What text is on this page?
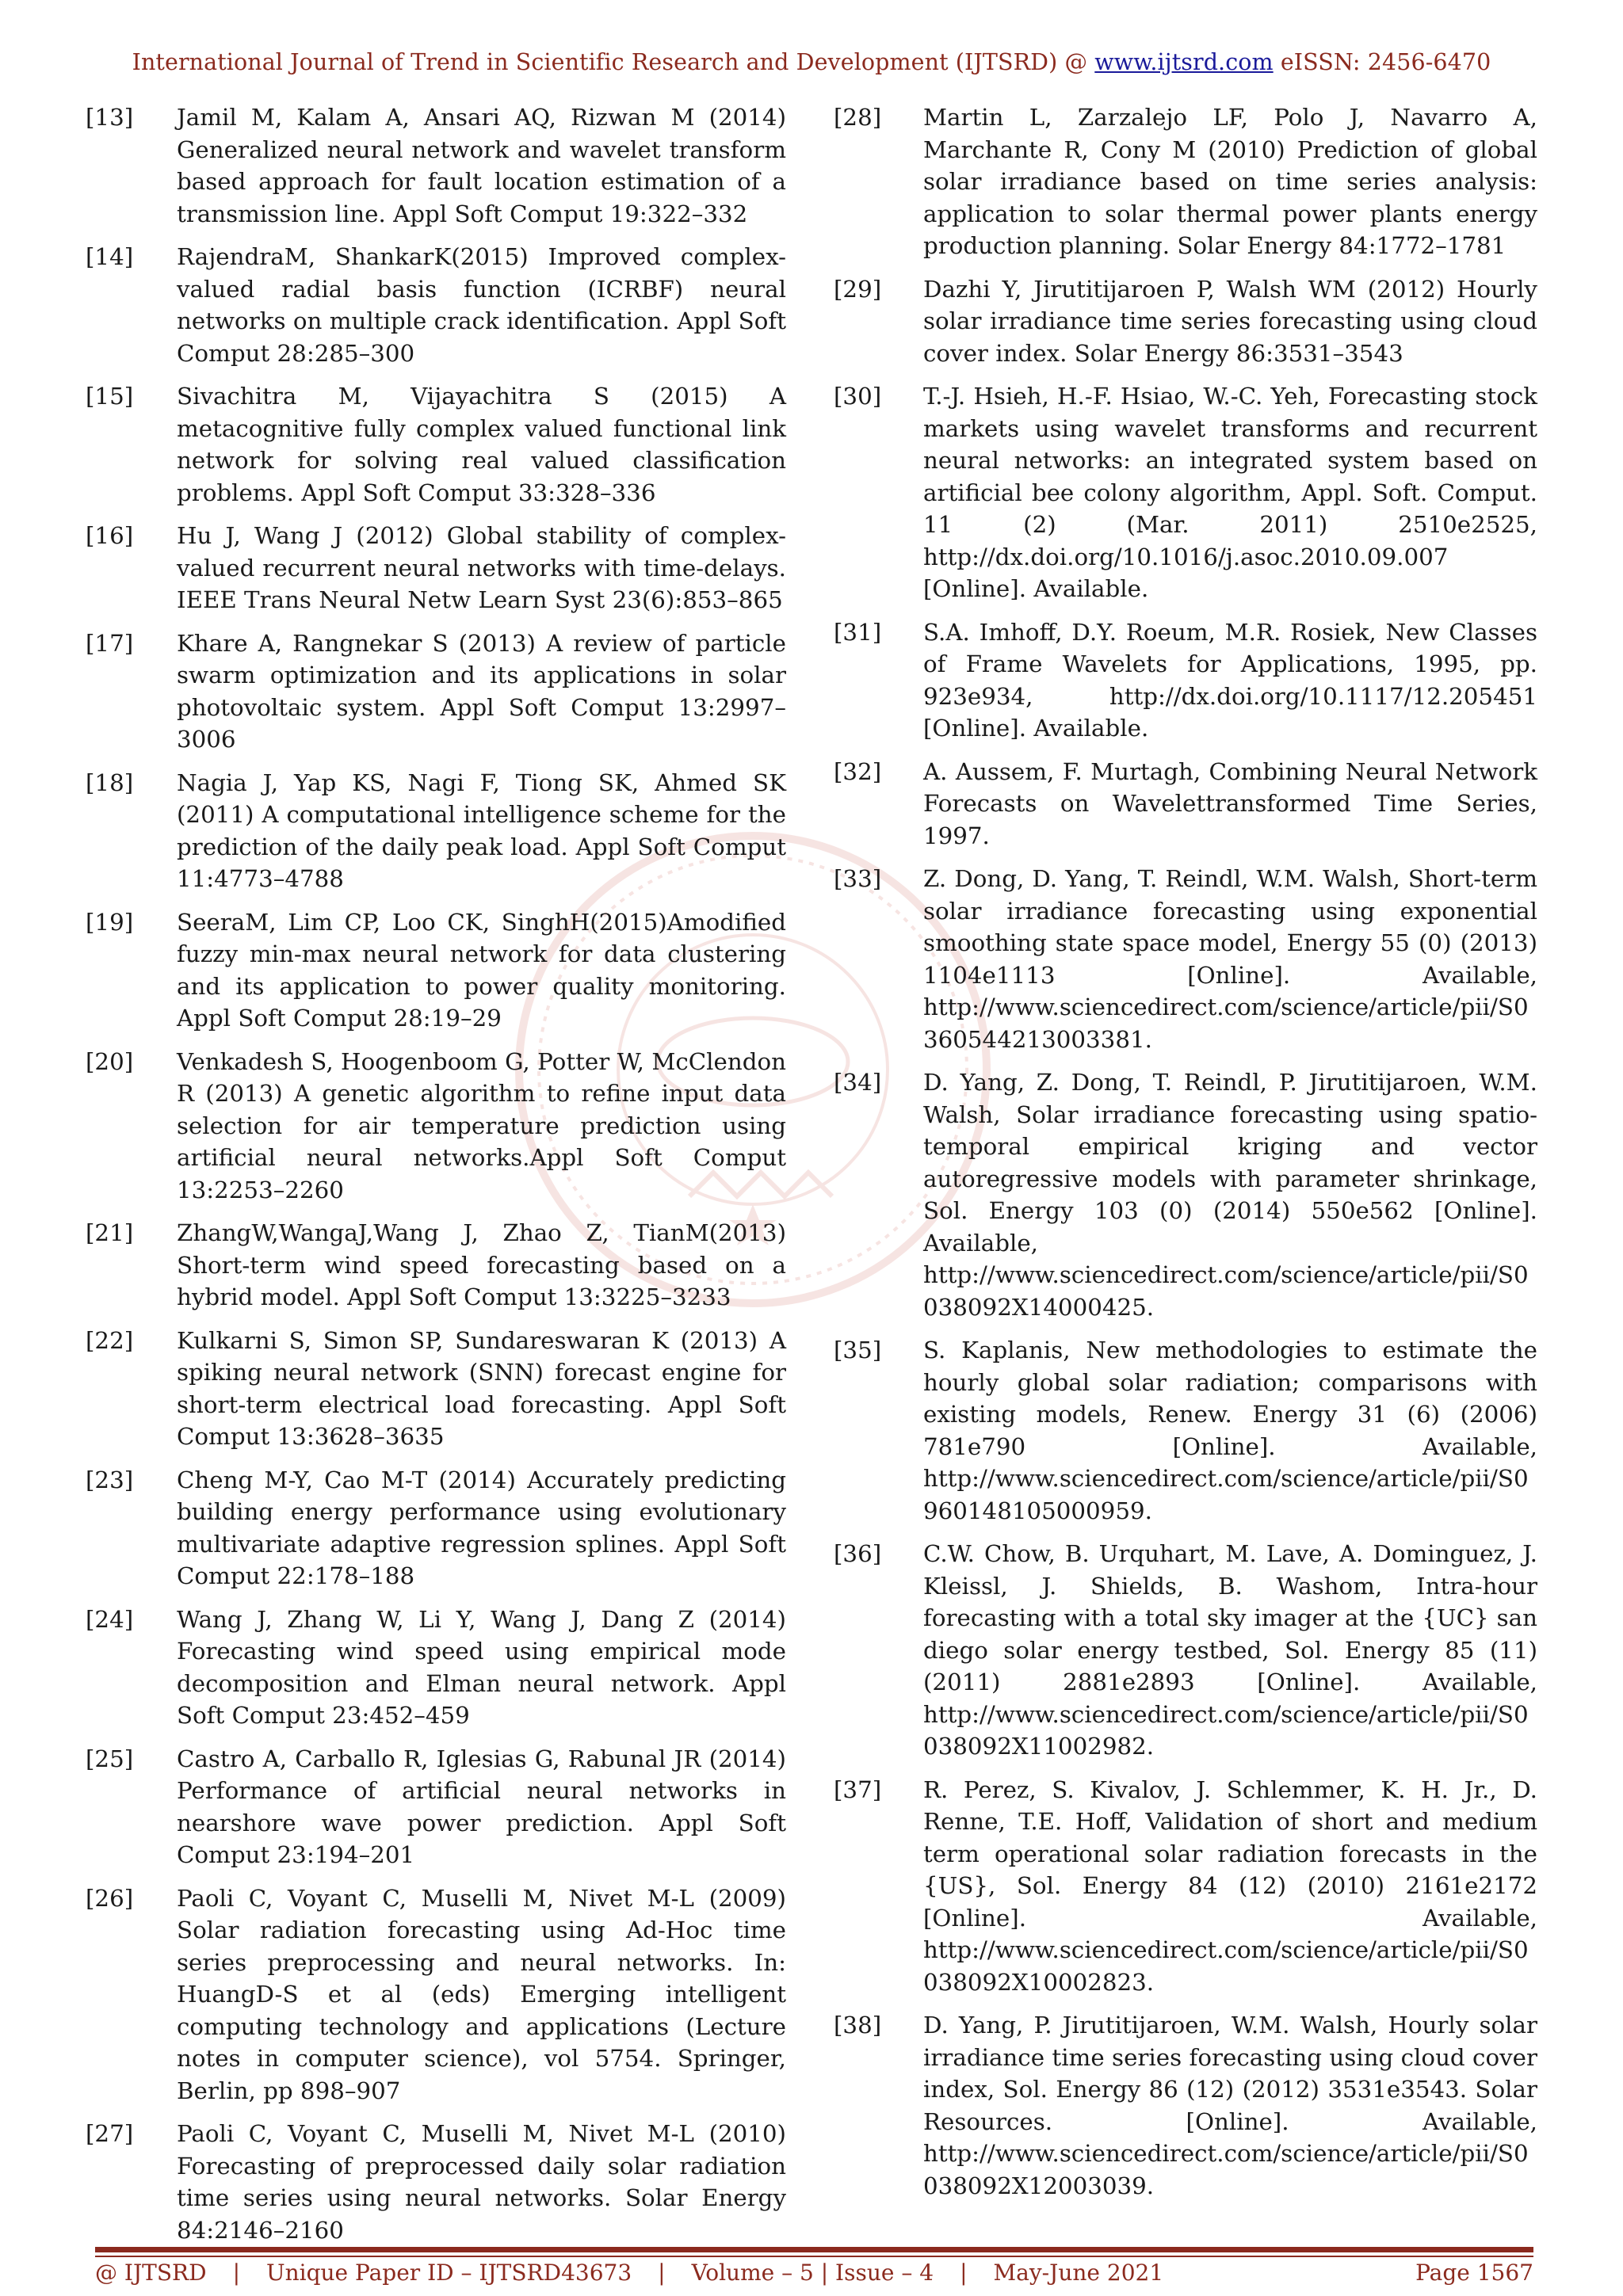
International Journal of Trend in Scientific Research and Development (IJTSRD) @ www.ijtsrd.com eISSN: 2456-6470
[13]	Jamil M, Kalam A, Ansari AQ, Rizwan M (2014) Generalized neural network and wavelet transform based approach for fault location estimation of a transmission line. Appl Soft Comput 19:322–332
[14]	RajendraM, ShankarK(2015) Improved complex-valued radial basis function (ICRBF) neural networks on multiple crack identification. Appl Soft Comput 28:285–300
[15]	Sivachitra M, Vijayachitra S (2015) A metacognitive fully complex valued functional link network for solving real valued classification problems. Appl Soft Comput 33:328–336
[16]	Hu J, Wang J (2012) Global stability of complex-valued recurrent neural networks with time-delays. IEEE Trans Neural Netw Learn Syst 23(6):853–865
[17]	Khare A, Rangnekar S (2013) A review of particle swarm optimization and its applications in solar photovoltaic system. Appl Soft Comput 13:2997–3006
[18]	Nagia J, Yap KS, Nagi F, Tiong SK, Ahmed SK (2011) A computational intelligence scheme for the prediction of the daily peak load. Appl Soft Comput 11:4773–4788
[19]	SeeraM, Lim CP, Loo CK, SinghH(2015)Amodified fuzzy min-max neural network for data clustering and its application to power quality monitoring. Appl Soft Comput 28:19–29
[20]	Venkadesh S, Hoogenboom G, Potter W, McClendon R (2013) A genetic algorithm to refine input data selection for air temperature prediction using artificial neural networks.Appl Soft Comput 13:2253–2260
[21]	ZhangW,WangaJ,Wang J, Zhao Z, TianM(2013) Short-term wind speed forecasting based on a hybrid model. Appl Soft Comput 13:3225–3233
[22]	Kulkarni S, Simon SP, Sundareswaran K (2013) A spiking neural network (SNN) forecast engine for short-term electrical load forecasting. Appl Soft Comput 13:3628–3635
[23]	Cheng M-Y, Cao M-T (2014) Accurately predicting building energy performance using evolutionary multivariate adaptive regression splines. Appl Soft Comput 22:178–188
[24]	Wang J, Zhang W, Li Y, Wang J, Dang Z (2014) Forecasting wind speed using empirical mode decomposition and Elman neural network. Appl Soft Comput 23:452–459
[25]	Castro A, Carballo R, Iglesias G, Rabunal JR (2014) Performance of artificial neural networks in nearshore wave power prediction. Appl Soft Comput 23:194–201
[26]	Paoli C, Voyant C, Muselli M, Nivet M-L (2009) Solar radiation forecasting using Ad-Hoc time series preprocessing and neural networks. In: HuangD-S et al (eds) Emerging intelligent computing technology and applications (Lecture notes in computer science), vol 5754. Springer, Berlin, pp 898–907
[27]	Paoli C, Voyant C, Muselli M, Nivet M-L (2010) Forecasting of preprocessed daily solar radiation time series using neural networks. Solar Energy 84:2146–2160
[28]	Martin L, Zarzalejo LF, Polo J, Navarro A, Marchante R, Cony M (2010) Prediction of global solar irradiance based on time series analysis: application to solar thermal power plants energy production planning. Solar Energy 84:1772–1781
[29]	Dazhi Y, Jirutitijaroen P, Walsh WM (2012) Hourly solar irradiance time series forecasting using cloud cover index. Solar Energy 86:3531–3543
[30]	T.-J. Hsieh, H.-F. Hsiao, W.-C. Yeh, Forecasting stock markets using wavelet transforms and recurrent neural networks: an integrated system based on artificial bee colony algorithm, Appl. Soft. Comput. 11 (2) (Mar. 2011) 2510e2525, http://dx.doi.org/10.1016/j.asoc.2010.09.007 [Online]. Available.
[31]	S.A. Imhoff, D.Y. Roeum, M.R. Rosiek, New Classes of Frame Wavelets for Applications, 1995, pp. 923e934, http://dx.doi.org/10.1117/12.205451 [Online]. Available.
[32]	A. Aussem, F. Murtagh, Combining Neural Network Forecasts on Wavelettransformed Time Series, 1997.
[33]	Z. Dong, D. Yang, T. Reindl, W.M. Walsh, Short-term solar irradiance forecasting using exponential smoothing state space model, Energy 55 (0) (2013) 1104e1113 [Online]. Available, http://www.sciencedirect.com/science/article/pii/S0360544213003381.
[34]	D. Yang, Z. Dong, T. Reindl, P. Jirutitijaroen, W.M. Walsh, Solar irradiance forecasting using spatio-temporal empirical kriging and vector autoregressive models with parameter shrinkage, Sol. Energy 103 (0) (2014) 550e562 [Online]. Available, http://www.sciencedirect.com/science/article/pii/S0038092X14000425.
[35]	S. Kaplanis, New methodologies to estimate the hourly global solar radiation; comparisons with existing models, Renew. Energy 31 (6) (2006) 781e790 [Online]. Available, http://www.sciencedirect.com/science/article/pii/S0960148105000959.
[36]	C.W. Chow, B. Urquhart, M. Lave, A. Dominguez, J. Kleissl, J. Shields, B. Washom, Intra-hour forecasting with a total sky imager at the {UC} san diego solar energy testbed, Sol. Energy 85 (11) (2011) 2881e2893 [Online]. Available, http://www.sciencedirect.com/science/article/pii/S0038092X11002982.
[37]	R. Perez, S. Kivalov, J. Schlemmer, K. H. Jr., D. Renne, T.E. Hoff, Validation of short and medium term operational solar radiation forecasts in the {US}, Sol. Energy 84 (12) (2010) 2161e2172 [Online]. Available, http://www.sciencedirect.com/science/article/pii/S0038092X10002823.
[38]	D. Yang, P. Jirutitijaroen, W.M. Walsh, Hourly solar irradiance time series forecasting using cloud cover index, Sol. Energy 86 (12) (2012) 3531e3543. Solar Resources. [Online]. Available, http://www.sciencedirect.com/science/article/pii/S0038092X12003039.
@ IJTSRD | Unique Paper ID – IJTSRD43673 | Volume – 5 | Issue – 4 | May-June 2021	Page 1567
